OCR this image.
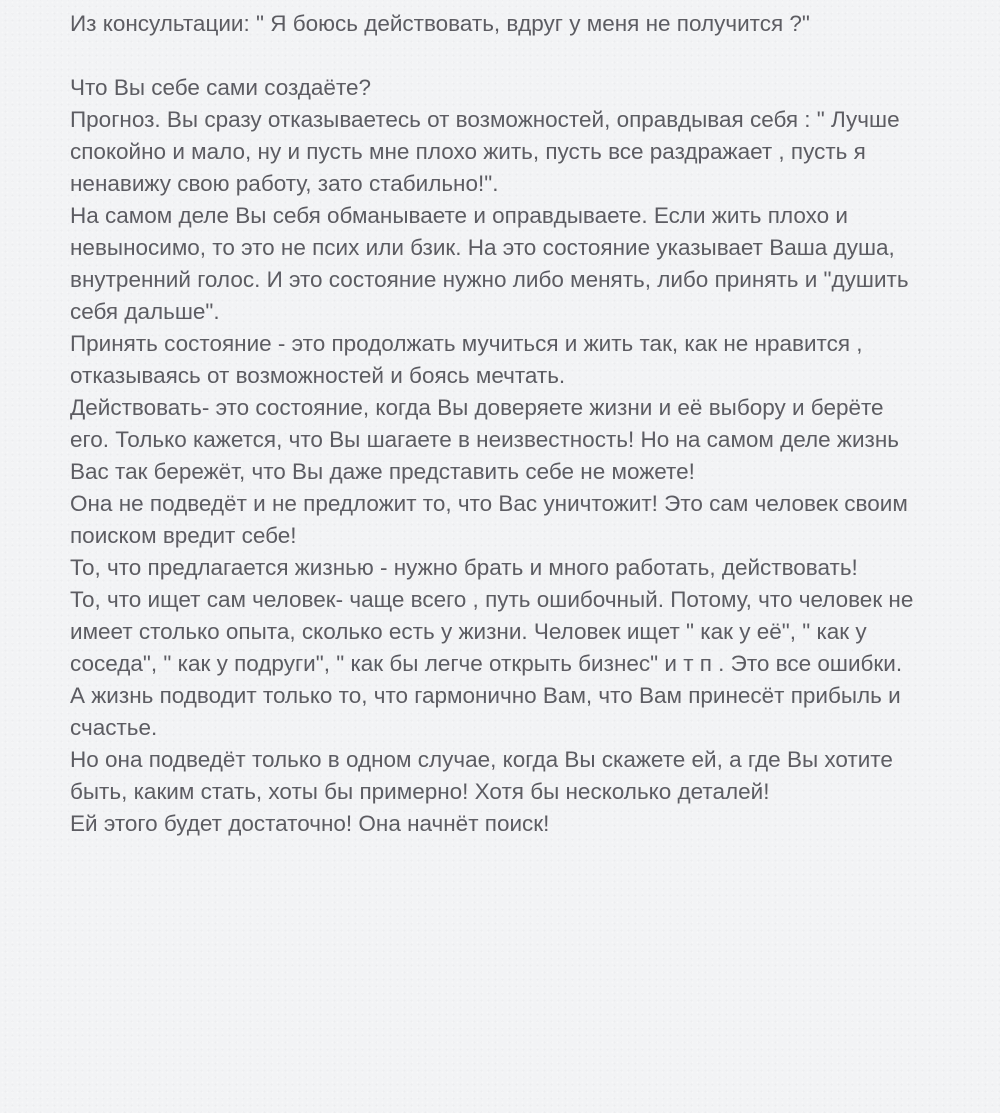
Из консультации: " Я боюсь действовать, вдруг у меня не получится ?"

Что Вы себе сами создаёте?

Прогноз. Вы сразу отказываетесь от возможностей, оправдывая себя : " Лучше

спокойно и мало, ну и пусть мне плохо жить, пусть все раздражает , пусть я

ненавижу свою работу, зато стабильно!".

На самом деле Вы себя обманываете и оправдываете. Если жить плохо и

невыносимо, то это не псих или бзик. На это состояние указывает Ваша душа,

внутренний голос. И это состояние нужно либо менять, либо принять и "душить

себя дальше".

Принять состояние - это продолжать мучиться и жить так, как не нравится ,

отказываясь от возможностей и боясь мечтать.

Действовать- это состояние, когда Вы доверяете жизни и её выбору и берёте

его. Только кажется, что Вы шагаете в неизвестность! Но на самом деле жизнь

Вас так бережёт, что Вы даже представить себе не можете!

Она не подведёт и не предложит то, что Вас уничтожит! Это сам человек своим

поиском вредит себе!

То, что предлагается жизнью - нужно брать и много работать, действовать!

То, что ищет сам человек- чаще всего , путь ошибочный. Потому, что человек не

имеет столько опыта, сколько есть у жизни. Человек ищет " как у её", " как у

соседа", " как у подруги", " как бы легче открыть бизнес" и т п . Это все ошибки.

А жизнь подводит только то, что гармонично Вам, что Вам принесёт прибыль и

счастье.

Но она подведёт только в одном случае, когда Вы скажете ей, а где Вы хотите

быть, каким стать, хоты бы примерно! Хотя бы несколько деталей!

Ей этого будет достаточно! Она начнёт поиск!
